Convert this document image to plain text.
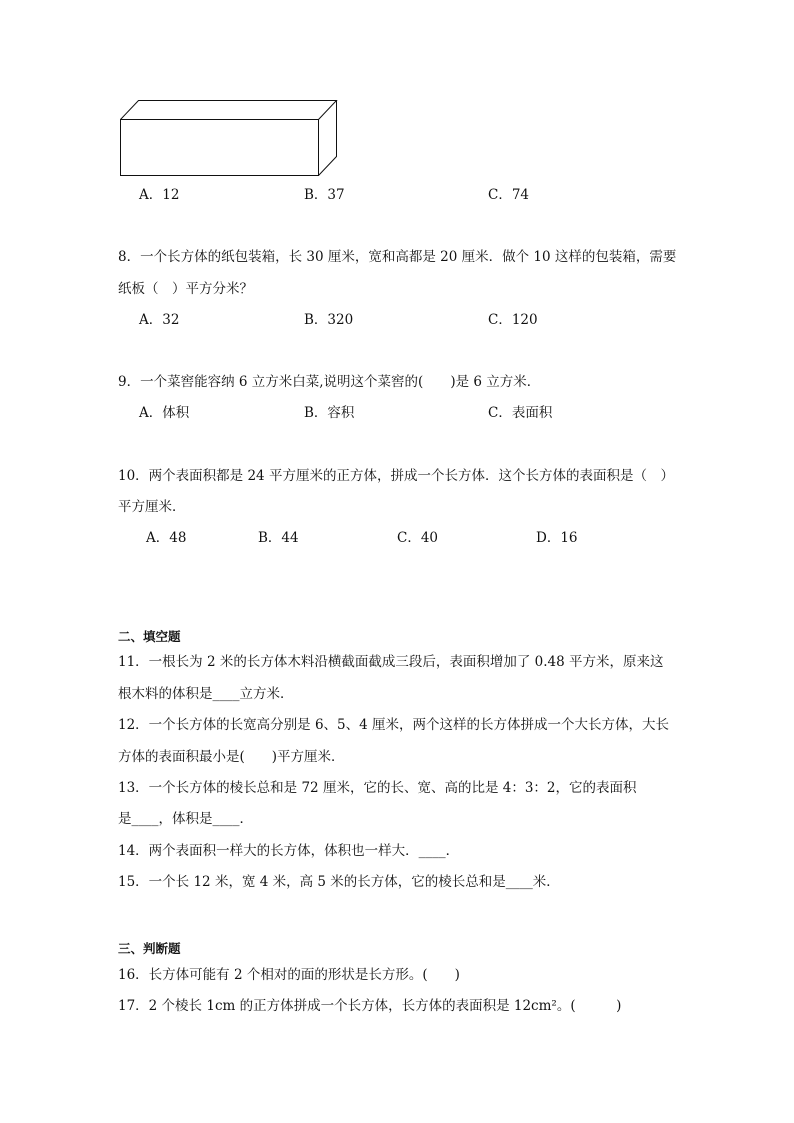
A．12	B．37	C．74
8．一个长方体的纸包装箱，长 30 厘米，宽和高都是 20 厘米．做个 10 这样的包装箱，需要
纸板（　）平方分米？
A．32	B．320	C．120
9．一个菜窖能容纳 6 立方米白菜,说明这个菜窖的(　　)是 6 立方米．
A．体积	B．容积	C．表面积
10．两个表面积都是 24 平方厘米的正方体，拼成一个长方体．这个长方体的表面积是（　）
平方厘米．
A．48	B．44	C．40	D．16
二、填空题
11．一根长为 2 米的长方体木料沿横截面截成三段后，表面积增加了 0.48 平方米，原来这
根木料的体积是____立方米．
12．一个长方体的长宽高分别是 6、5、4 厘米，两个这样的长方体拼成一个大长方体，大长
方体的表面积最小是(　　)平方厘米．
13．一个长方体的棱长总和是 72 厘米，它的长、宽、高的比是 4：3：2，它的表面积
是____，体积是____．
14．两个表面积一样大的长方体，体积也一样大．____．
15．一个长 12 米，宽 4 米，高 5 米的长方体，它的棱长总和是____米．
三、判断题
16．长方体可能有 2 个相对的面的形状是长方形。(　　)
17．2 个棱长 1cm 的正方体拼成一个长方体，长方体的表面积是 12cm²。(　　　)
